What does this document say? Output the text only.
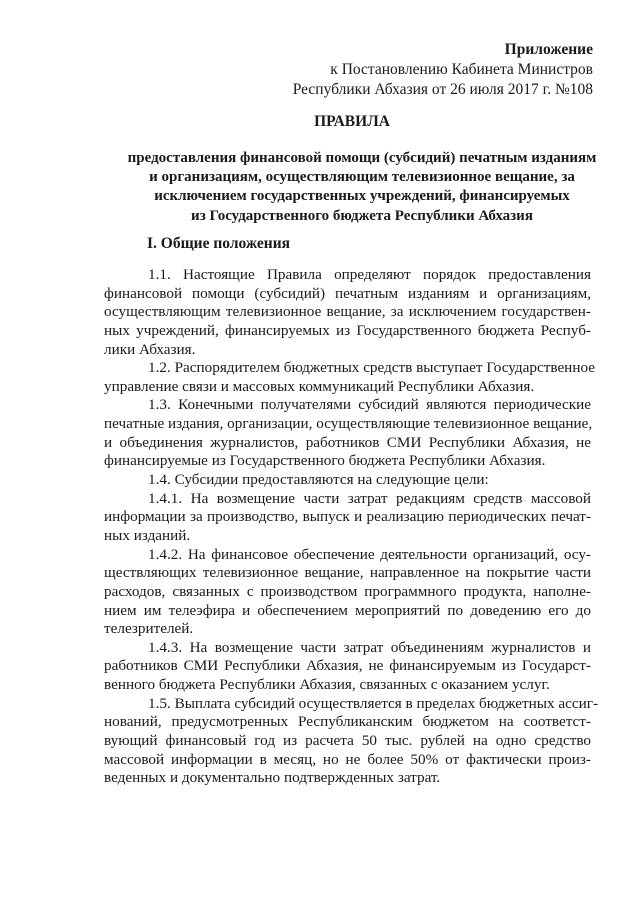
Приложение
к Постановлению Кабинета Министров
Республики Абхазия от 26 июля 2017 г. №108
ПРАВИЛА
предоставления финансовой помощи (субсидий) печатным изданиям
и организациям, осуществляющим телевизионное вещание, за
исключением государственных учреждений, финансируемых
из Государственного бюджета Республики Абхазия
I. Общие положения
1.1. Настоящие Правила определяют порядок предоставления
финансовой помощи (субсидий) печатным изданиям и организациям,
осуществляющим телевизионное вещание, за исключением государствен-
ных учреждений, финансируемых из Государственного бюджета Респуб-
лики Абхазия.
1.2. Распорядителем бюджетных средств выступает Государственное
управление связи и массовых коммуникаций Республики Абхазия.
1.3. Конечными получателями субсидий являются периодические
печатные издания, организации, осуществляющие телевизионное вещание,
и объединения журналистов, работников СМИ Республики Абхазия, не
финансируемые из Государственного бюджета Республики Абхазия.
1.4. Субсидии предоставляются на следующие цели:
1.4.1. На возмещение части затрат редакциям средств массовой
информации за производство, выпуск и реализацию периодических печат-
ных изданий.
1.4.2. На финансовое обеспечение деятельности организаций, осу-
ществляющих телевизионное вещание, направленное на покрытие части
расходов, связанных с производством программного продукта, наполне-
нием им телеэфира и обеспечением мероприятий по доведению его до
телезрителей.
1.4.3. На возмещение части затрат объединениям журналистов и
работников СМИ Республики Абхазия, не финансируемым из Государст-
венного бюджета Республики Абхазия, связанных с оказанием услуг.
1.5. Выплата субсидий осуществляется в пределах бюджетных ассиг-
нований, предусмотренных Республиканским бюджетом на соответст-
вующий финансовый год из расчета 50 тыс. рублей на одно средство
массовой информации в месяц, но не более 50% от фактически произ-
веденных и документально подтвержденных затрат.
